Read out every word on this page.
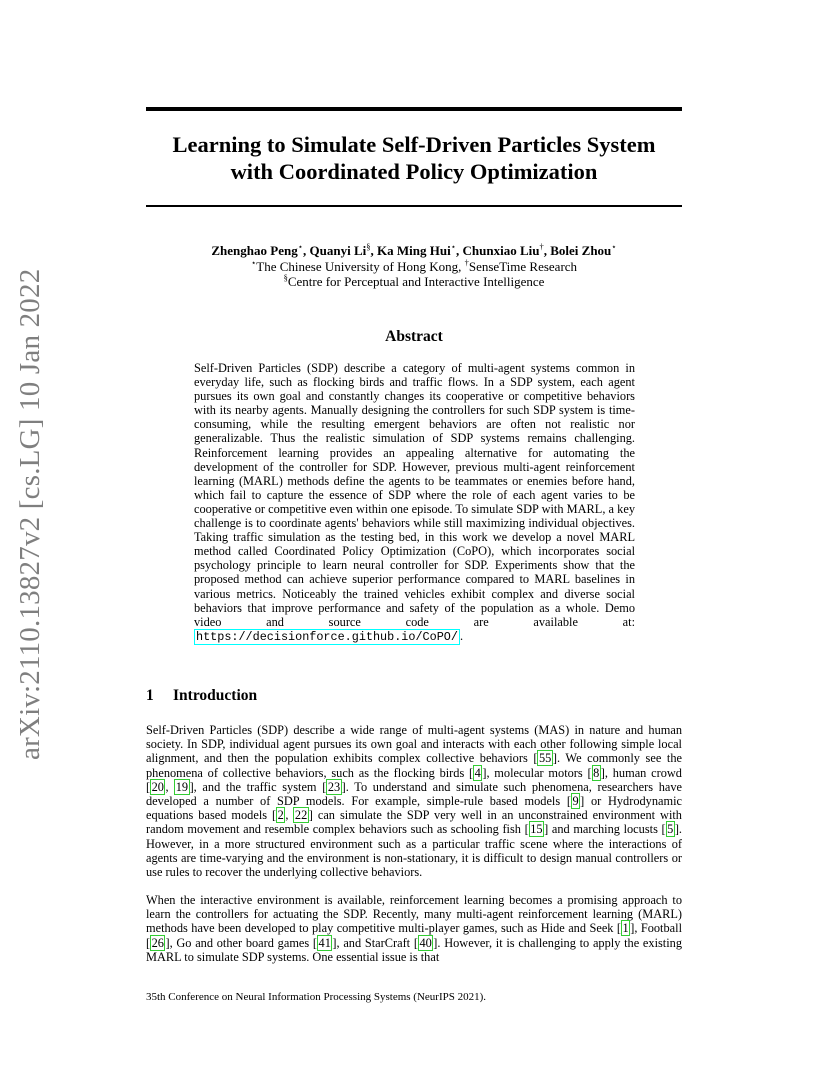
arXiv:2110.13827v2 [cs.LG] 10 Jan 2022
Learning to Simulate Self-Driven Particles System
with Coordinated Policy Optimization
Zhenghao Peng⋆, Quanyi Li§, Ka Ming Hui⋆, Chunxiao Liu†, Bolei Zhou⋆
⋆The Chinese University of Hong Kong, †SenseTime Research
§Centre for Perceptual and Interactive Intelligence
Abstract
Self-Driven Particles (SDP) describe a category of multi-agent systems common in everyday life, such as flocking birds and traffic flows. In a SDP system, each agent pursues its own goal and constantly changes its cooperative or competitive behaviors with its nearby agents. Manually designing the controllers for such SDP system is time-consuming, while the resulting emergent behaviors are often not realistic nor generalizable. Thus the realistic simulation of SDP systems remains challenging. Reinforcement learning provides an appealing alternative for automating the development of the controller for SDP. However, previous multi-agent reinforcement learning (MARL) methods define the agents to be teammates or enemies before hand, which fail to capture the essence of SDP where the role of each agent varies to be cooperative or competitive even within one episode. To simulate SDP with MARL, a key challenge is to coordinate agents' behaviors while still maximizing individual objectives. Taking traffic simulation as the testing bed, in this work we develop a novel MARL method called Coordinated Policy Optimization (CoPO), which incorporates social psychology principle to learn neural controller for SDP. Experiments show that the proposed method can achieve superior performance compared to MARL baselines in various metrics. Noticeably the trained vehicles exhibit complex and diverse social behaviors that improve performance and safety of the population as a whole. Demo video and source code are available at: https://decisionforce.github.io/CoPO/ .
1 Introduction
Self-Driven Particles (SDP) describe a wide range of multi-agent systems (MAS) in nature and human society. In SDP, individual agent pursues its own goal and interacts with each other following simple local alignment, and then the population exhibits complex collective behaviors [ 55 ]. We commonly see the phenomena of collective behaviors, such as the flocking birds [ 4 ], molecular motors [ 8 ], human crowd [ 20 , 19 ], and the traffic system [ 23 ]. To understand and simulate such phenomena, researchers have developed a number of SDP models. For example, simple-rule based models [ 9 ] or Hydrodynamic equations based models [ 2 , 22 ] can simulate the SDP very well in an unconstrained environment with random movement and resemble complex behaviors such as schooling fish [ 15 ] and marching locusts [ 5 ]. However, in a more structured environment such as a particular traffic scene where the interactions of agents are time-varying and the environment is non-stationary, it is difficult to design manual controllers or use rules to recover the underlying collective behaviors.
When the interactive environment is available, reinforcement learning becomes a promising approach to learn the controllers for actuating the SDP. Recently, many multi-agent reinforcement learning (MARL) methods have been developed to play competitive multi-player games, such as Hide and Seek [ 1 ], Football [ 26 ], Go and other board games [ 41 ], and StarCraft [ 40 ]. However, it is challenging to apply the existing MARL to simulate SDP systems. One essential issue is that
35th Conference on Neural Information Processing Systems (NeurIPS 2021).
